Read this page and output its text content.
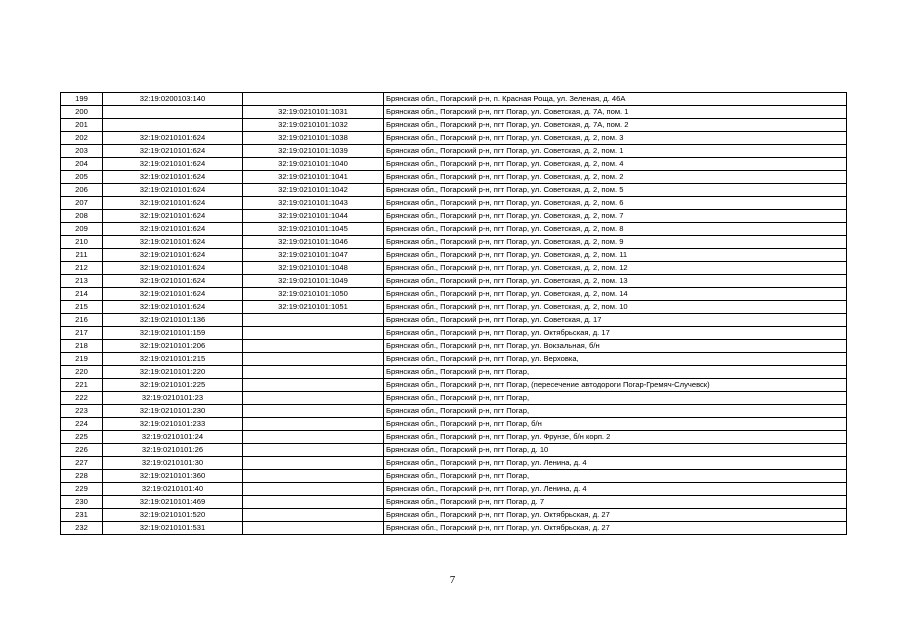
199	32:19:0200103:140		Брянская обл., Погарский р-н, п. Красная Роща, ул. Зеленая, д. 46А
200		32:19:0210101:1031	Брянская обл., Погарский р-н, пгт Погар, ул. Советская, д. 7А, пом. 1
201		32:19:0210101:1032	Брянская обл., Погарский р-н, пгт Погар, ул. Советская, д. 7А, пом. 2
202	32:19:0210101:624	32:19:0210101:1038	Брянская обл., Погарский р-н, пгт Погар, ул. Советская, д. 2, пом. 3
203	32:19:0210101:624	32:19:0210101:1039	Брянская обл., Погарский р-н, пгт Погар, ул. Советская, д. 2, пом. 1
204	32:19:0210101:624	32:19:0210101:1040	Брянская обл., Погарский р-н, пгт Погар, ул. Советская, д. 2, пом. 4
205	32:19:0210101:624	32:19:0210101:1041	Брянская обл., Погарский р-н, пгт Погар, ул. Советская, д. 2, пом. 2
206	32:19:0210101:624	32:19:0210101:1042	Брянская обл., Погарский р-н, пгт Погар, ул. Советская, д. 2, пом. 5
207	32:19:0210101:624	32:19:0210101:1043	Брянская обл., Погарский р-н, пгт Погар, ул. Советская, д. 2, пом. 6
208	32:19:0210101:624	32:19:0210101:1044	Брянская обл., Погарский р-н, пгт Погар, ул. Советская, д. 2, пом. 7
209	32:19:0210101:624	32:19:0210101:1045	Брянская обл., Погарский р-н, пгт Погар, ул. Советская, д. 2, пом. 8
210	32:19:0210101:624	32:19:0210101:1046	Брянская обл., Погарский р-н, пгт Погар, ул. Советская, д. 2, пом. 9
211	32:19:0210101:624	32:19:0210101:1047	Брянская обл., Погарский р-н, пгт Погар, ул. Советская, д. 2, пом. 11
212	32:19:0210101:624	32:19:0210101:1048	Брянская обл., Погарский р-н, пгт Погар, ул. Советская, д. 2, пом. 12
213	32:19:0210101:624	32:19:0210101:1049	Брянская обл., Погарский р-н, пгт Погар, ул. Советская, д. 2, пом. 13
214	32:19:0210101:624	32:19:0210101:1050	Брянская обл., Погарский р-н, пгт Погар, ул. Советская, д. 2, пом. 14
215	32:19:0210101:624	32:19:0210101:1051	Брянская обл., Погарский р-н, пгт Погар, ул. Советская, д. 2, пом. 10
216	32:19:0210101:136		Брянская обл., Погарский р-н, пгт Погар, ул. Советская, д. 17
217	32:19:0210101:159		Брянская обл., Погарский р-н, пгт Погар, ул. Октябрьская, д. 17
218	32:19:0210101:206		Брянская обл., Погарский р-н, пгт Погар, ул. Вокзальная, б/н
219	32:19:0210101:215		Брянская обл., Погарский р-н, пгт Погар, ул. Верховка,
220	32:19:0210101:220		Брянская обл., Погарский р-н, пгт Погар,
221	32:19:0210101:225		Брянская обл., Погарский р-н, пгт Погар, (пересечение автодороги Погар-Гремяч-Случевск)
222	32:19:0210101:23		Брянская обл., Погарский р-н, пгт Погар,
223	32:19:0210101:230		Брянская обл., Погарский р-н, пгт Погар,
224	32:19:0210101:233		Брянская обл., Погарский р-н, пгт Погар, б/н
225	32:19:0210101:24		Брянская обл., Погарский р-н, пгт Погар, ул. Фрунзе, б/н корп. 2
226	32:19:0210101:26		Брянская обл., Погарский р-н, пгт Погар, д. 10
227	32:19:0210101:30		Брянская обл., Погарский р-н, пгт Погар, ул. Ленина, д. 4
228	32:19:0210101:360		Брянская обл., Погарский р-н, пгт Погар,
229	32:19:0210101:40		Брянская обл., Погарский р-н, пгт Погар, ул. Ленина, д. 4
230	32:19:0210101:469		Брянская обл., Погарский р-н, пгт Погар, д. 7
231	32:19:0210101:520		Брянская обл., Погарский р-н, пгт Погар, ул. Октябрьская, д. 27
232	32:19:0210101:531		Брянская обл., Погарский р-н, пгт Погар, ул. Октябрьская, д. 27
7
